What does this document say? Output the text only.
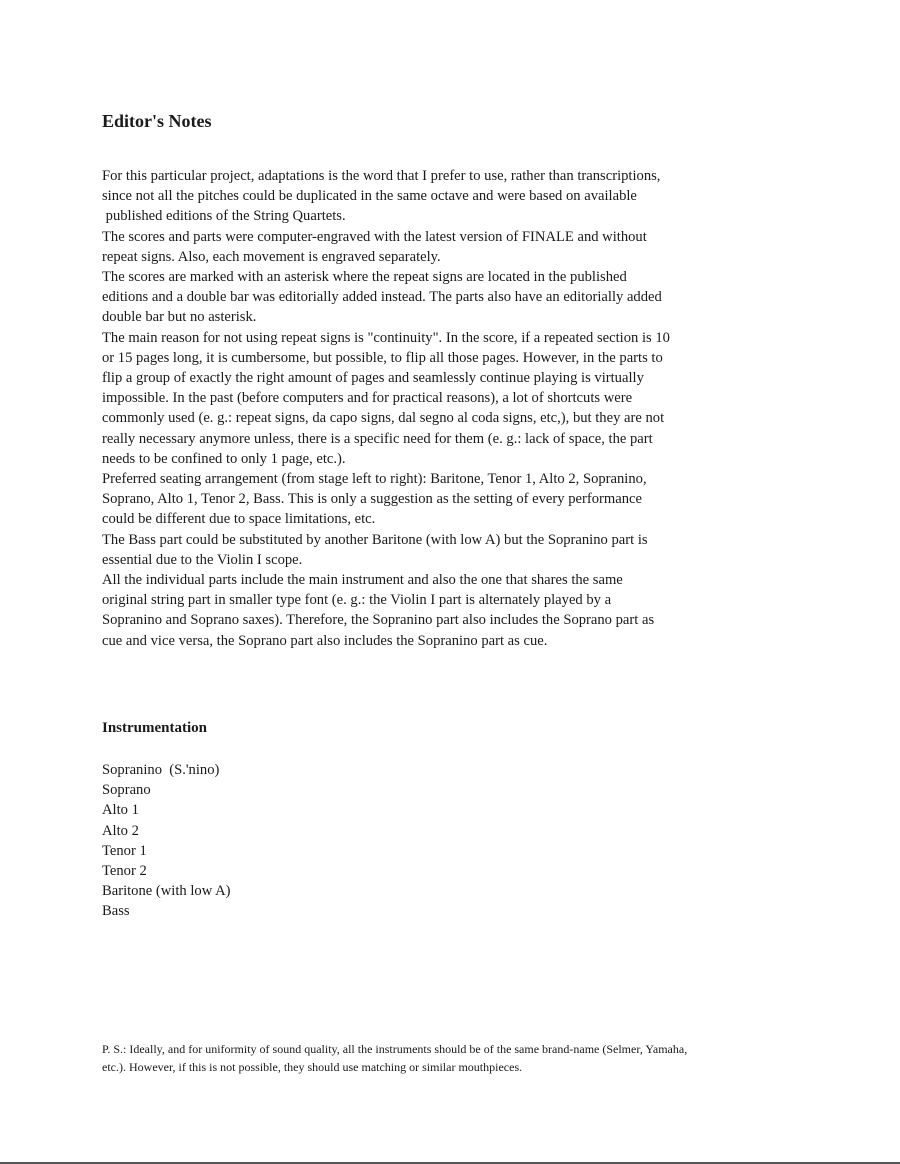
Editor's Notes

For this particular project, adaptations is the word that I prefer to use, rather than transcriptions,

since not all the pitches could be duplicated in the same octave and were based on available

published editions of the String Quartets.

The scores and parts were computer-engraved with the latest version of FINALE and without

repeat signs. Also, each movement is engraved separately.

The scores are marked with an asterisk where the repeat signs are located in the published

editions and a double bar was editorially added instead. The parts also have an editorially added

double bar but no asterisk.

The main reason for not using repeat signs is "continuity". In the score, if a repeated section is 10

or 15 pages long, it is cumbersome, but possible, to flip all those pages. However, in the parts to

flip a group of exactly the right amount of pages and seamlessly continue playing is virtually

impossible. In the past (before computers and for practical reasons), a lot of shortcuts were

commonly used (e. g.: repeat signs, da capo signs, dal segno al coda signs, etc,), but they are not

really necessary anymore unless, there is a specific need for them (e. g.: lack of space, the part

needs to be confined to only 1 page, etc.).

Preferred seating arrangement (from stage left to right): Baritone, Tenor 1, Alto 2, Sopranino,

Soprano, Alto 1, Tenor 2, Bass. This is only a suggestion as the setting of every performance

could be different due to space limitations, etc.

The Bass part could be substituted by another Baritone (with low A) but the Sopranino part is

essential due to the Violin I scope.

All the individual parts include the main instrument and also the one that shares the same

original string part in smaller type font (e. g.: the Violin I part is alternately played by a

Sopranino and Soprano saxes). Therefore, the Sopranino part also includes the Soprano part as

cue and vice versa, the Soprano part also includes the Sopranino part as cue.

Instrumentation
Sopranino  (S.'nino)
Soprano
Alto 1
Alto 2
Tenor 1
Tenor 2
Baritone (with low A)
Bass
P. S.: Ideally, and for uniformity of sound quality, all the instruments should be of the same brand-name (Selmer, Yamaha,
etc.). However, if this is not possible, they should use matching or similar mouthpieces.
